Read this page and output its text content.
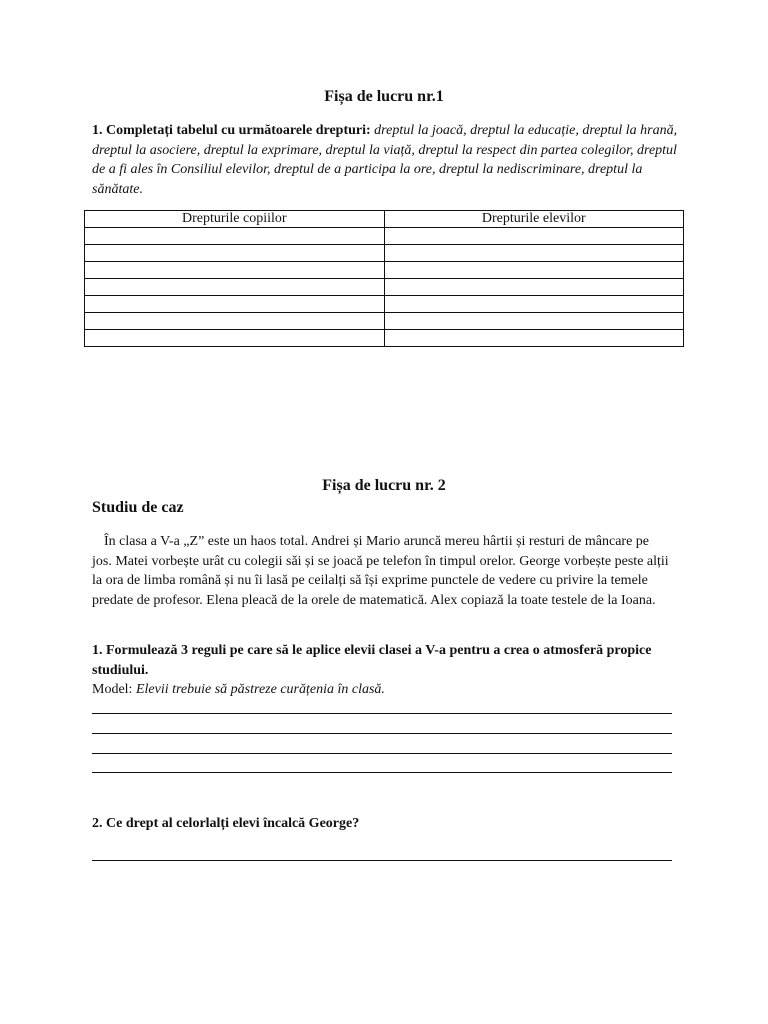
Fișa de lucru nr.1
1. Completați tabelul cu următoarele drepturi: dreptul la joacă, dreptul la educație, dreptul la hrană, dreptul la asociere, dreptul la exprimare, dreptul la viață, dreptul la respect din partea colegilor, dreptul de a fi ales în Consiliul elevilor, dreptul de a participa la ore, dreptul la nediscriminare, dreptul la sănătate.
Drepturile copiilor	Drepturile elevilor

Fișa de lucru nr. 2
Studiu de caz
În clasa a V-a „Z” este un haos total. Andrei și Mario aruncă mereu hârtii și resturi de mâncare pe jos. Matei vorbește urât cu colegii săi și se joacă pe telefon în timpul orelor. George vorbește peste alții la ora de limba română și nu îi lasă pe ceilalți să își exprime punctele de vedere cu privire la temele predate de profesor. Elena pleacă de la orele de matematică. Alex copiază la toate testele de la Ioana.
1. Formulează 3 reguli pe care să le aplice elevii clasei a V-a pentru a crea o atmosferă propice studiului.
Model: Elevii trebuie să păstreze curățenia în clasă.
2. Ce drept al celorlalți elevi încalcă George?
